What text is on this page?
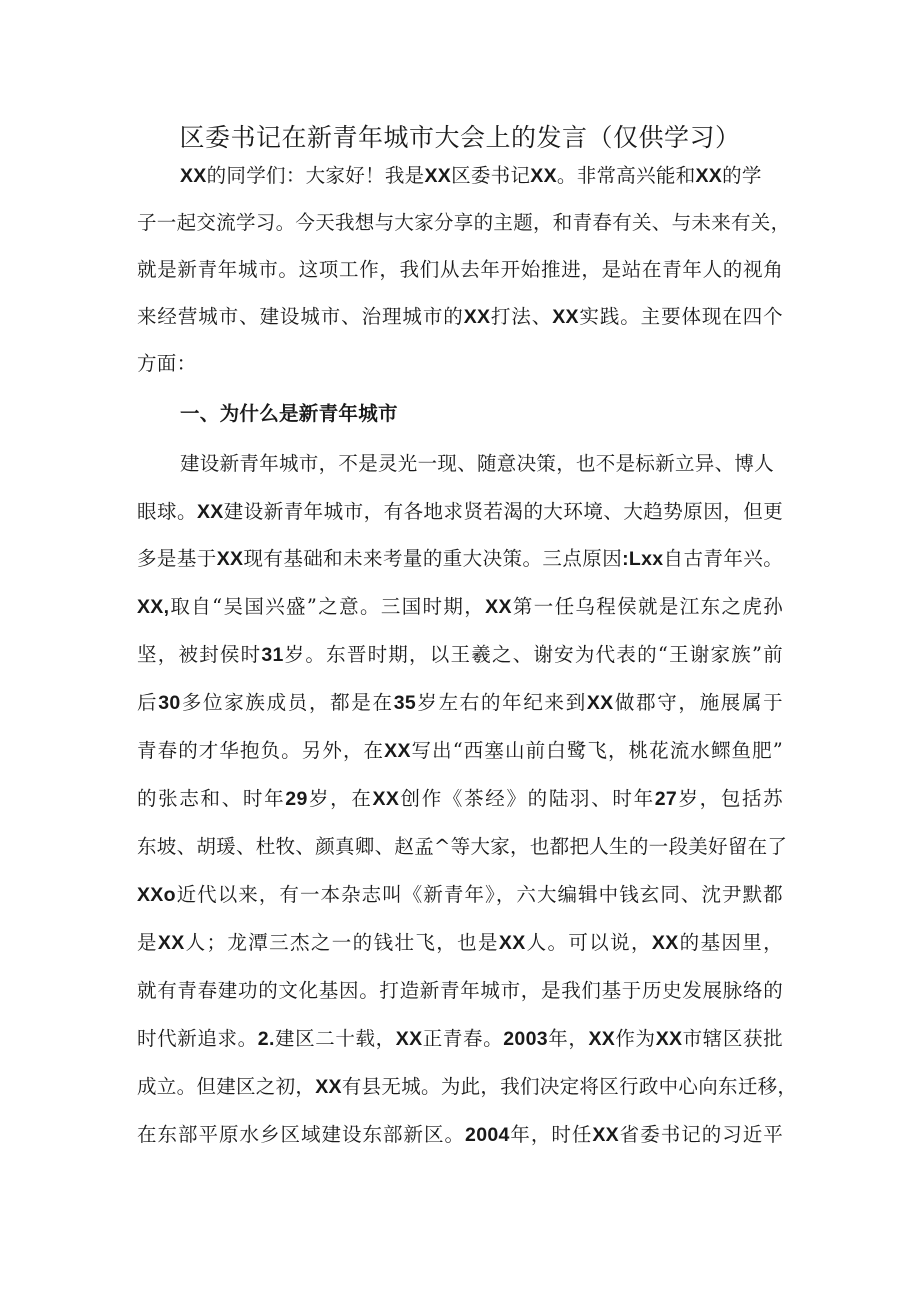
区委书记在新青年城市大会上的发言（仅供学习）
XX的同学们：大家好！我是XX区委书记XX。非常高兴能和XX的学
子一起交流学习。今天我想与大家分享的主题，和青春有关、与未来有关，
就是新青年城市。这项工作，我们从去年开始推进，是站在青年人的视角
来经营城市、建设城市、治理城市的XX打法、XX实践。主要体现在四个
方面：
一、为什么是新青年城市
建设新青年城市，不是灵光一现、随意决策，也不是标新立异、博人
眼球。XX建设新青年城市，有各地求贤若渴的大环境、大趋势原因，但更
多是基于XX现有基础和未来考量的重大决策。三点原因:Lxx自古青年兴。
XX,取自“吴国兴盛”之意。三国时期，XX第一任乌程侯就是江东之虎孙
坚，被封侯时31岁。东晋时期，以王羲之、谢安为代表的“王谢家族”前
后30多位家族成员，都是在35岁左右的年纪来到XX做郡守，施展属于
青春的才华抱负。另外，在XX写出“西塞山前白鹭飞，桃花流水鳏鱼肥”
的张志和、时年29岁，在XX创作《茶经》的陆羽、时年27岁，包括苏
东坡、胡瑗、杜牧、颜真卿、赵孟^等大家，也都把人生的一段美好留在了
XXo近代以来，有一本杂志叫《新青年》，六大编辑中钱玄同、沈尹默都
是XX人；龙潭三杰之一的钱壮飞，也是XX人。可以说，XX的基因里，
就有青春建功的文化基因。打造新青年城市，是我们基于历史发展脉络的
时代新追求。2.建区二十载，XX正青春。2003年，XX作为XX市辖区获批
成立。但建区之初，XX有县无城。为此，我们决定将区行政中心向东迁移，
在东部平原水乡区域建设东部新区。2004年，时任XX省委书记的习近平
